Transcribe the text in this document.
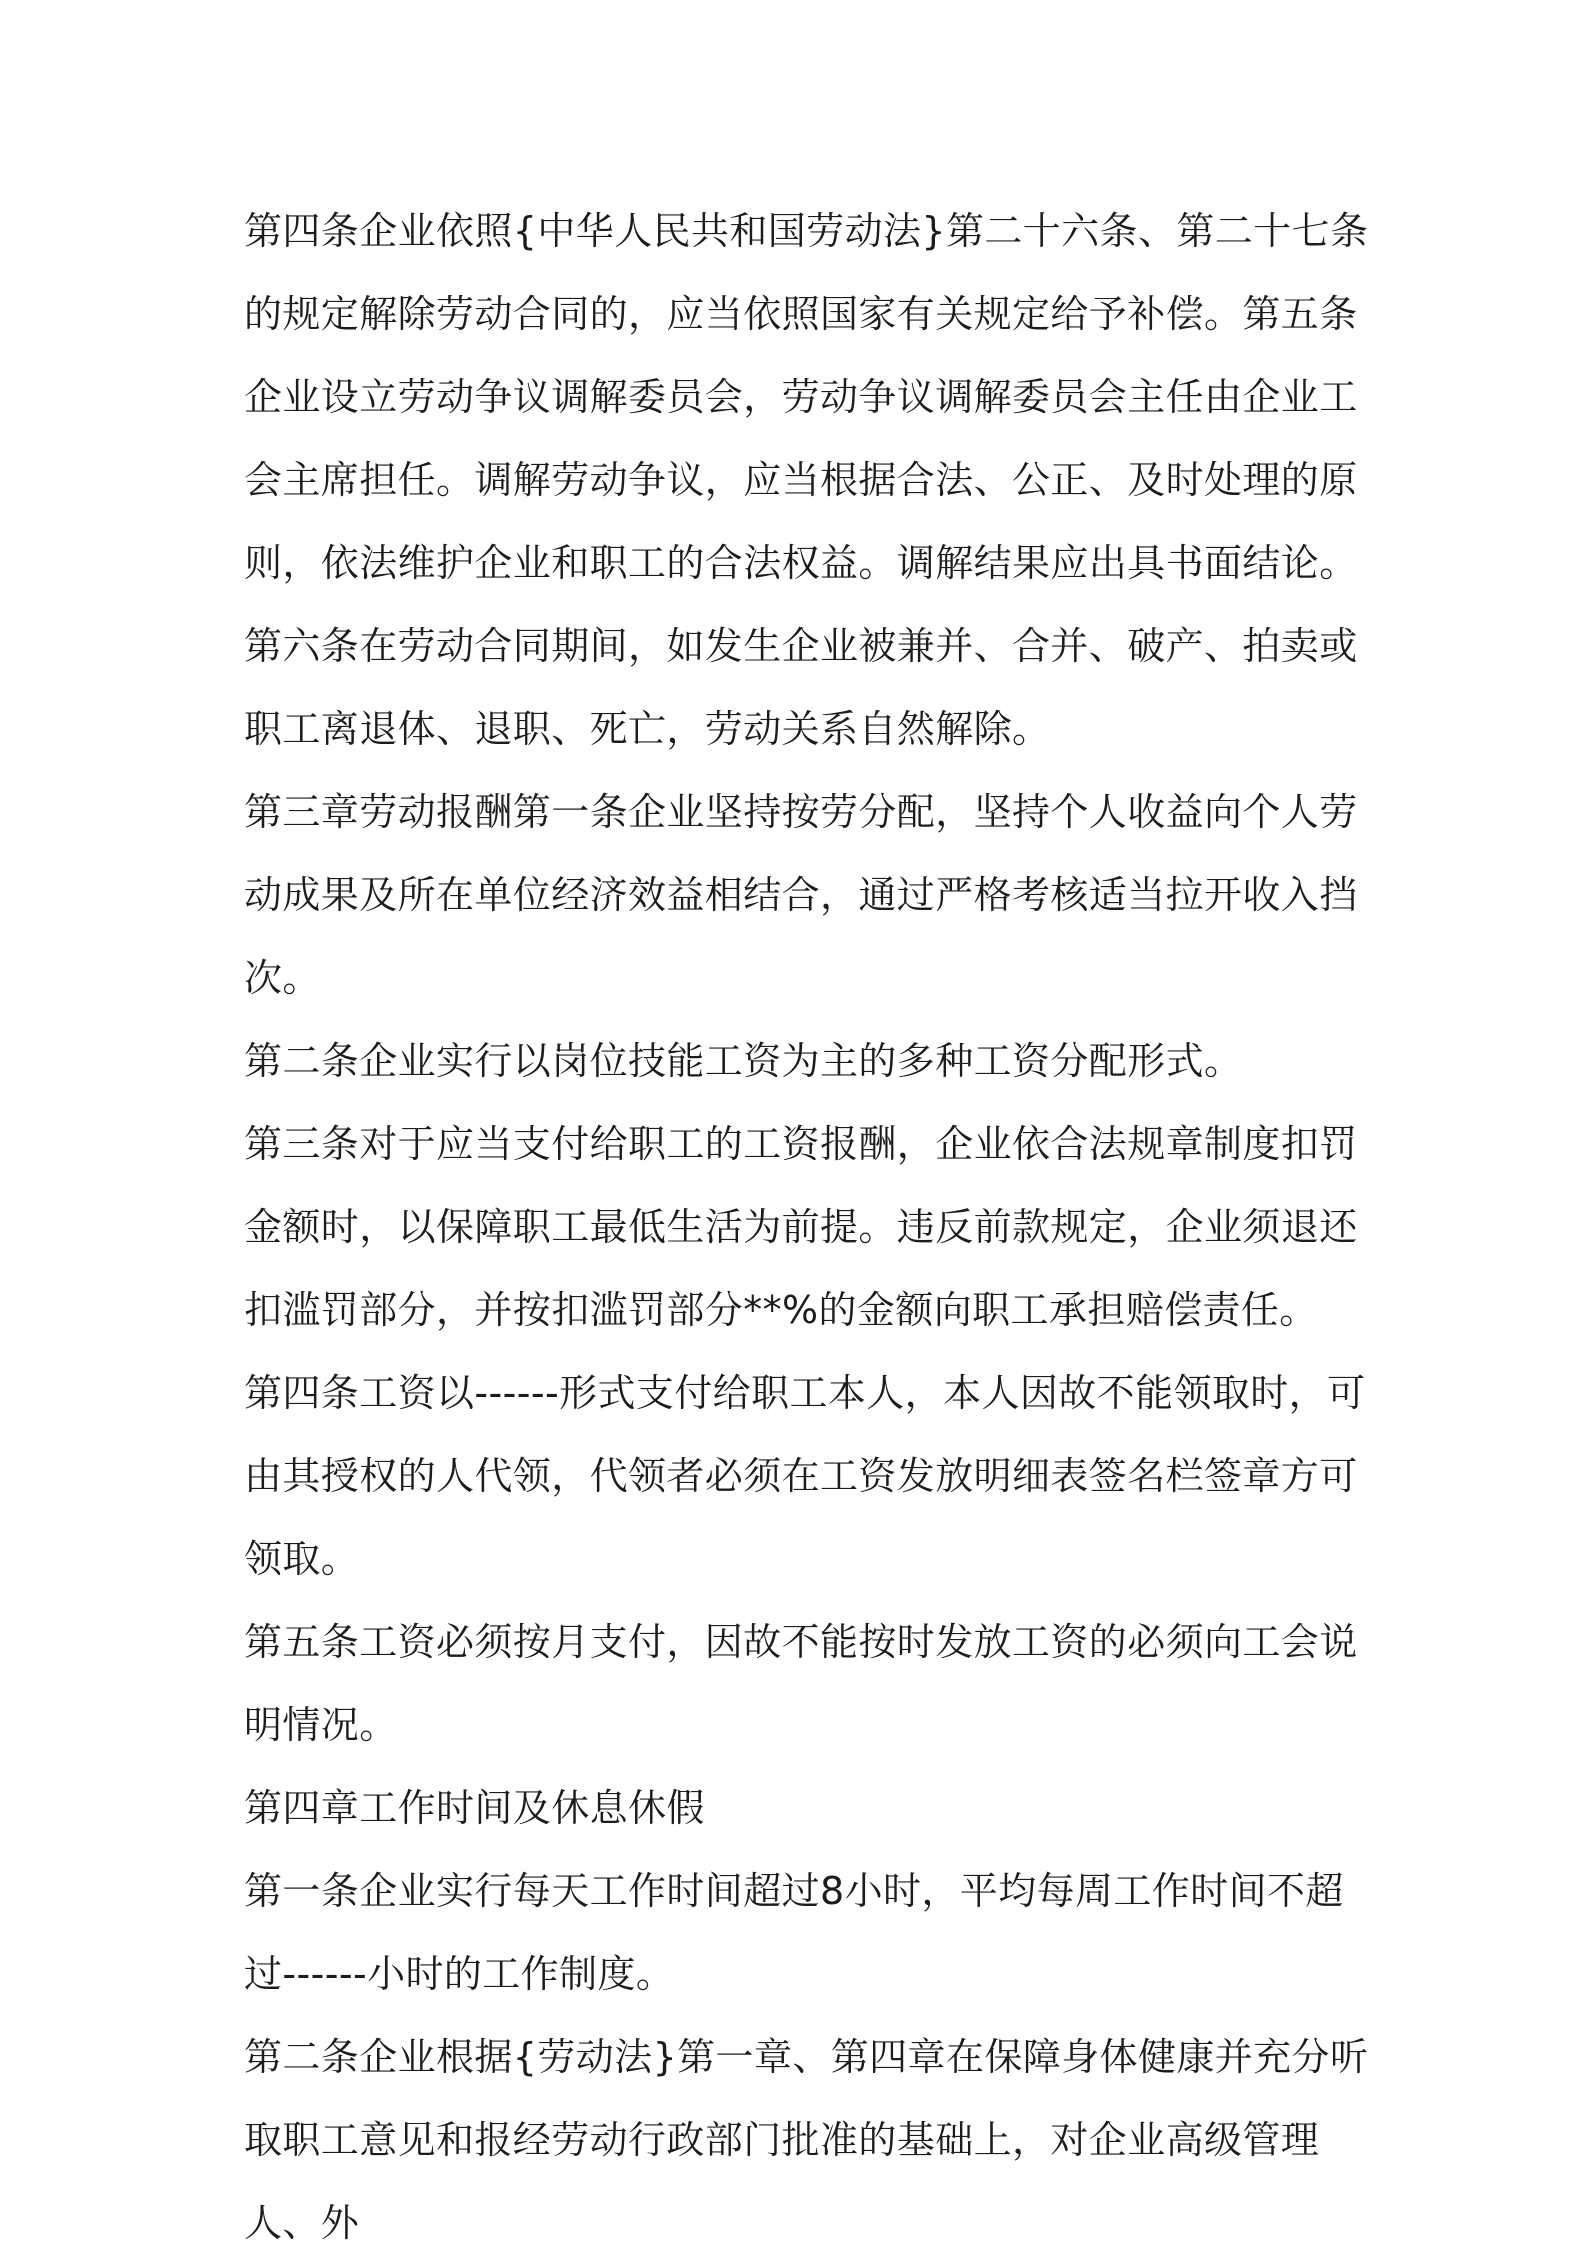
第四条企业依照{中华人民共和国劳动法}第二十六条、第二十七条的规定解除劳动合同的，应当依照国家有关规定给予补偿。第五条企业设立劳动争议调解委员会，劳动争议调解委员会主任由企业工会主席担任。调解劳动争议，应当根据合法、公正、及时处理的原则，依法维护企业和职工的合法权益。调解结果应出具书面结论。

第六条在劳动合同期间，如发生企业被兼并、合并、破产、拍卖或职工离退体、退职、死亡，劳动关系自然解除。

第三章劳动报酬第一条企业坚持按劳分配，坚持个人收益向个人劳动成果及所在单位经济效益相结合，通过严格考核适当拉开收入挡次。

第二条企业实行以岗位技能工资为主的多种工资分配形式。

第三条对于应当支付给职工的工资报酬，企业依合法规章制度扣罚金额时，以保障职工最低生活为前提。违反前款规定，企业须退还扣滥罚部分，并按扣滥罚部分**%的金额向职工承担赔偿责任。

第四条工资以------形式支付给职工本人，本人因故不能领取时，可由其授权的人代领，代领者必须在工资发放明细表签名栏签章方可领取。

第五条工资必须按月支付，因故不能按时发放工资的必须向工会说明情况。

第四章工作时间及休息休假

第一条企业实行每天工作时间超过8小时，平均每周工作时间不超过------小时的工作制度。

第二条企业根据{劳动法}第一章、第四章在保障身体健康并充分听取职工意见和报经劳动行政部门批准的基础上，对企业高级管理人、外
